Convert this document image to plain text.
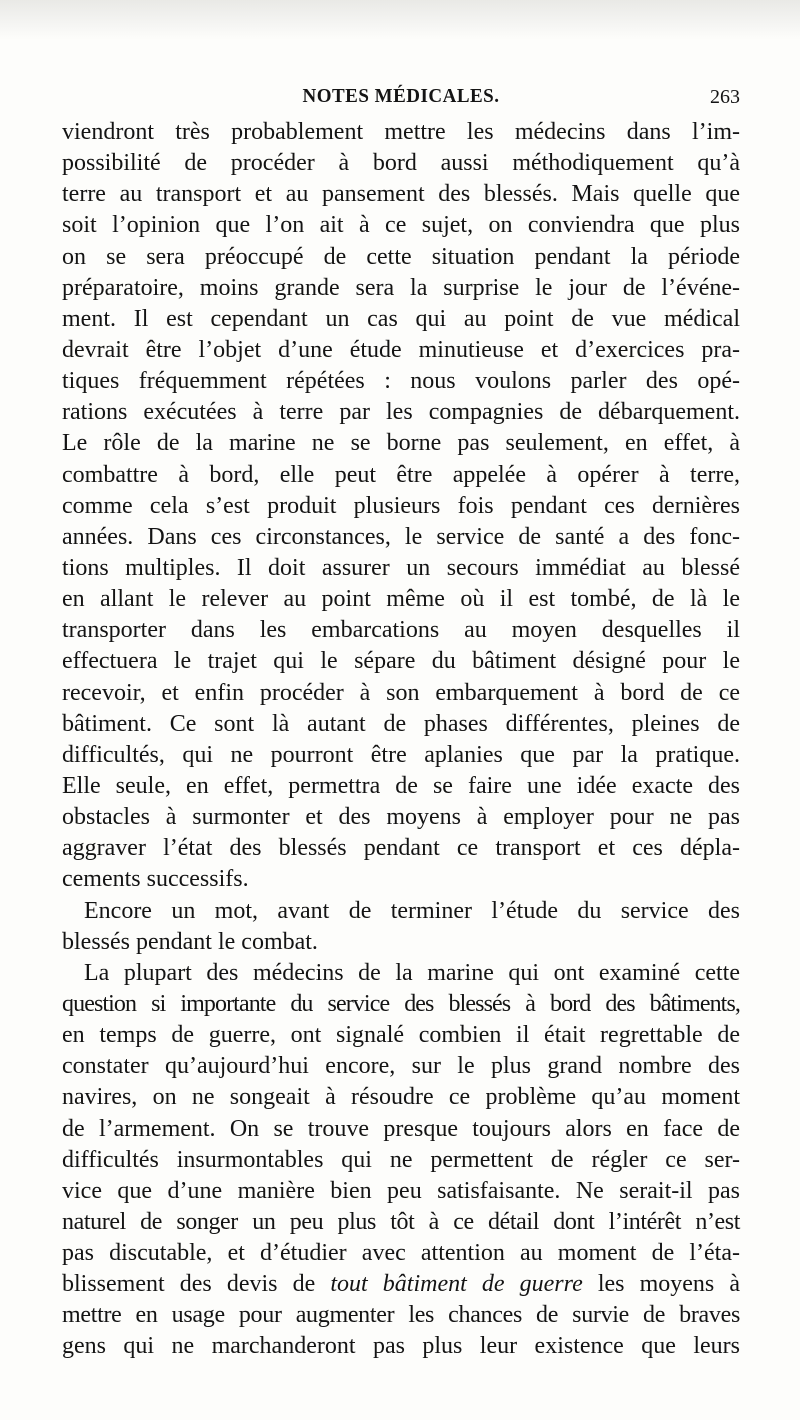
NOTES MÉDICALES.	263
viendront très probablement mettre les médecins dans l’im-
possibilité de procéder à bord aussi méthodiquement qu’à
terre au transport et au pansement des blessés. Mais quelle que
soit l’opinion que l’on ait à ce sujet, on conviendra que plus
on se sera préoccupé de cette situation pendant la période
préparatoire, moins grande sera la surprise le jour de l’événe-
ment. Il est cependant un cas qui au point de vue médical
devrait être l’objet d’une étude minutieuse et d’exercices pra-
tiques fréquemment répétées : nous voulons parler des opé-
rations exécutées à terre par les compagnies de débarquement.
Le rôle de la marine ne se borne pas seulement, en effet, à
combattre à bord, elle peut être appelée à opérer à terre,
comme cela s’est produit plusieurs fois pendant ces dernières
années. Dans ces circonstances, le service de santé a des fonc-
tions multiples. Il doit assurer un secours immédiat au blessé
en allant le relever au point même où il est tombé, de là le
transporter dans les embarcations au moyen desquelles il
effectuera le trajet qui le sépare du bâtiment désigné pour le
recevoir, et enfin procéder à son embarquement à bord de ce
bâtiment. Ce sont là autant de phases différentes, pleines de
difficultés, qui ne pourront être aplanies que par la pratique.
Elle seule, en effet, permettra de se faire une idée exacte des
obstacles à surmonter et des moyens à employer pour ne pas
aggraver l’état des blessés pendant ce transport et ces dépla-
cements successifs.
Encore un mot, avant de terminer l’étude du service des
blessés pendant le combat.
La plupart des médecins de la marine qui ont examiné cette
question si importante du service des blessés à bord des bâtiments,
en temps de guerre, ont signalé combien il était regrettable de
constater qu’aujourd’hui encore, sur le plus grand nombre des
navires, on ne songeait à résoudre ce problème qu’au moment
de l’armement. On se trouve presque toujours alors en face de
difficultés insurmontables qui ne permettent de régler ce ser-
vice que d’une manière bien peu satisfaisante. Ne serait-il pas
naturel de songer un peu plus tôt à ce détail dont l’intérêt n’est
pas discutable, et d’étudier avec attention au moment de l’éta-
blissement des devis de tout bâtiment de guerre les moyens à
mettre en usage pour augmenter les chances de survie de braves
gens qui ne marchanderont pas plus leur existence que leurs
